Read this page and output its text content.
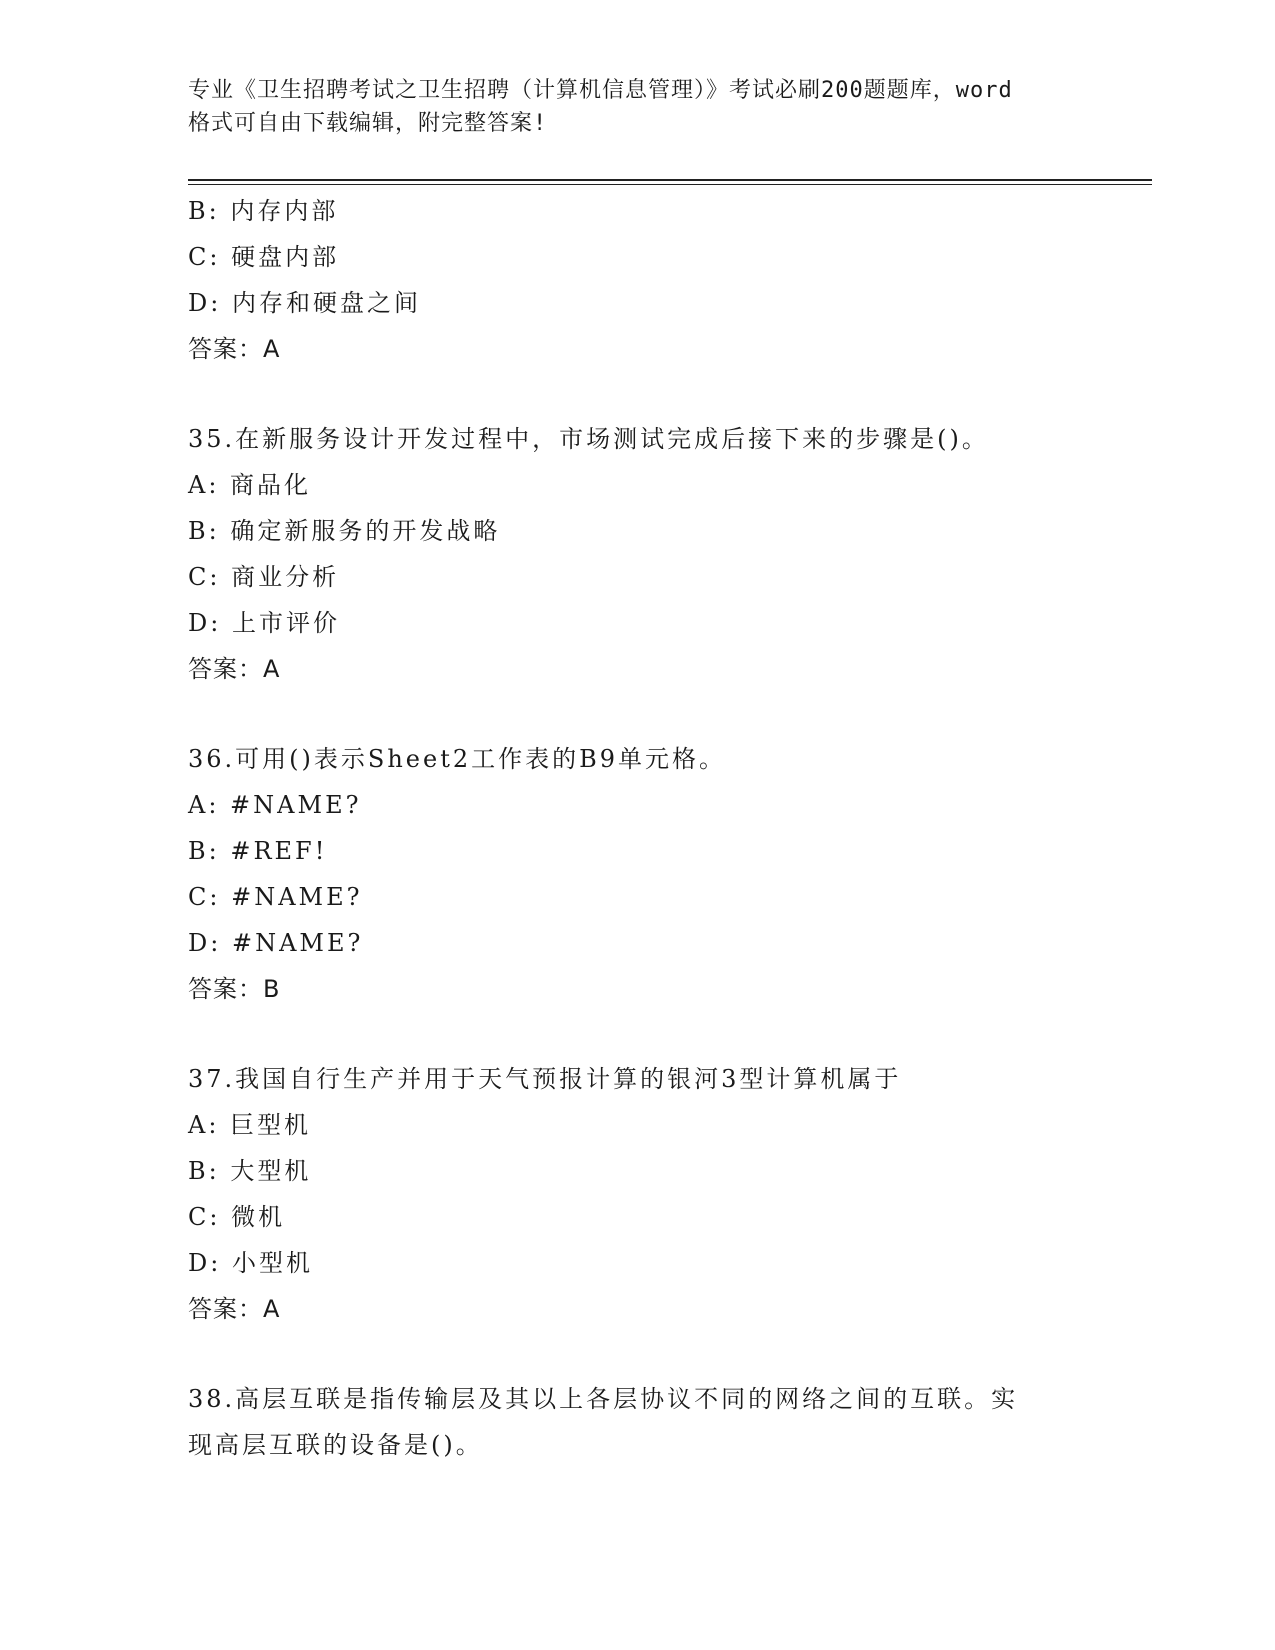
专业《卫生招聘考试之卫生招聘（计算机信息管理）》考试必刷200题题库，word
格式可自由下载编辑，附完整答案!
B: 内存内部
C: 硬盘内部
D: 内存和硬盘之间
答案：A
35.在新服务设计开发过程中，市场测试完成后接下来的步骤是()。
A: 商品化
B: 确定新服务的开发战略
C: 商业分析
D: 上市评价
答案：A
36.可用()表示Sheet2工作表的B9单元格。
A: #NAME?
B: #REF!
C: #NAME?
D: #NAME?
答案：B
37.我国自行生产并用于天气预报计算的银河3型计算机属于
A: 巨型机
B: 大型机
C: 微机
D: 小型机
答案：A
38.高层互联是指传输层及其以上各层协议不同的网络之间的互联。实
现高层互联的设备是()。
